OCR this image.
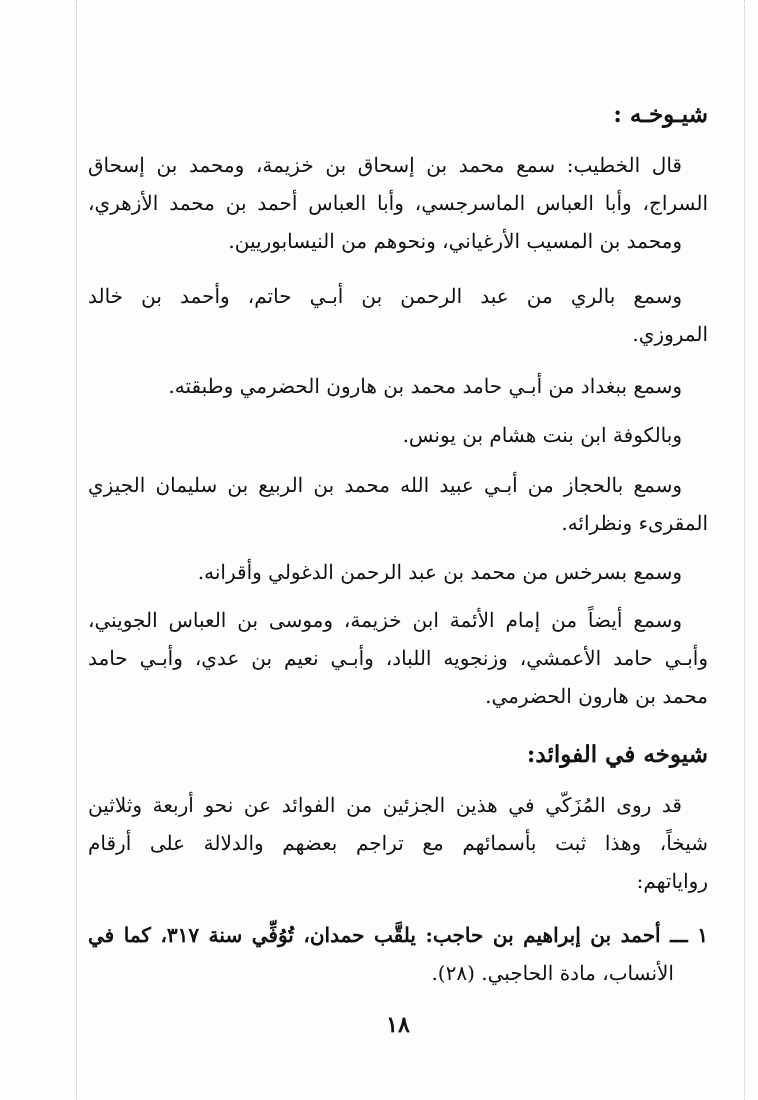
شيـوخـه :
قال الخطيب: سمع محمد بن إسحاق بن خزيمة، ومحمد بن إسحاق
السراج، وأبا العباس الماسرجسي، وأبا العباس أحمد بن محمد الأزهري،
ومحمد بن المسيب الأرغياني، ونحوهم من النيسابوريين.
وسمع بالري من عبد الرحمن بن أبـي حاتم، وأحمد بن خالد
المروزي.
وسمع ببغداد من أبـي حامد محمد بن هارون الحضرمي وطبقته.
وبالكوفة ابن بنت هشام بن يونس.
وسمع بالحجاز من أبـي عبيد الله محمد بن الربيع بن سليمان الجيزي
المقرىء ونظرائه.
وسمع بسرخس من محمد بن عبد الرحمن الدغولي وأقرانه.
وسمع أيضاً من إمام الأئمة ابن خزيمة، وموسى بن العباس الجويني،
وأبـي حامد الأعمشي، وزنجويه اللباد، وأبـي نعيم بن عدي، وأبـي حامد
محمد بن هارون الحضرمي.
شيوخه في الفوائد:
قد روى المُزَكّي في هذين الجزئين من الفوائد عن نحو أربعة وثلاثين
شيخاً، وهذا ثبت بأسمائهم مع تراجم بعضهم والدلالة على أرقام
رواياتهم:
١ ـــ أحمد بن إبراهيم بن حاجب: يلقَّب حمدان، تُوُفِّي سنة ٣١٧، كما في
الأنساب، مادة الحاجبي. (٢٨).
١٨
